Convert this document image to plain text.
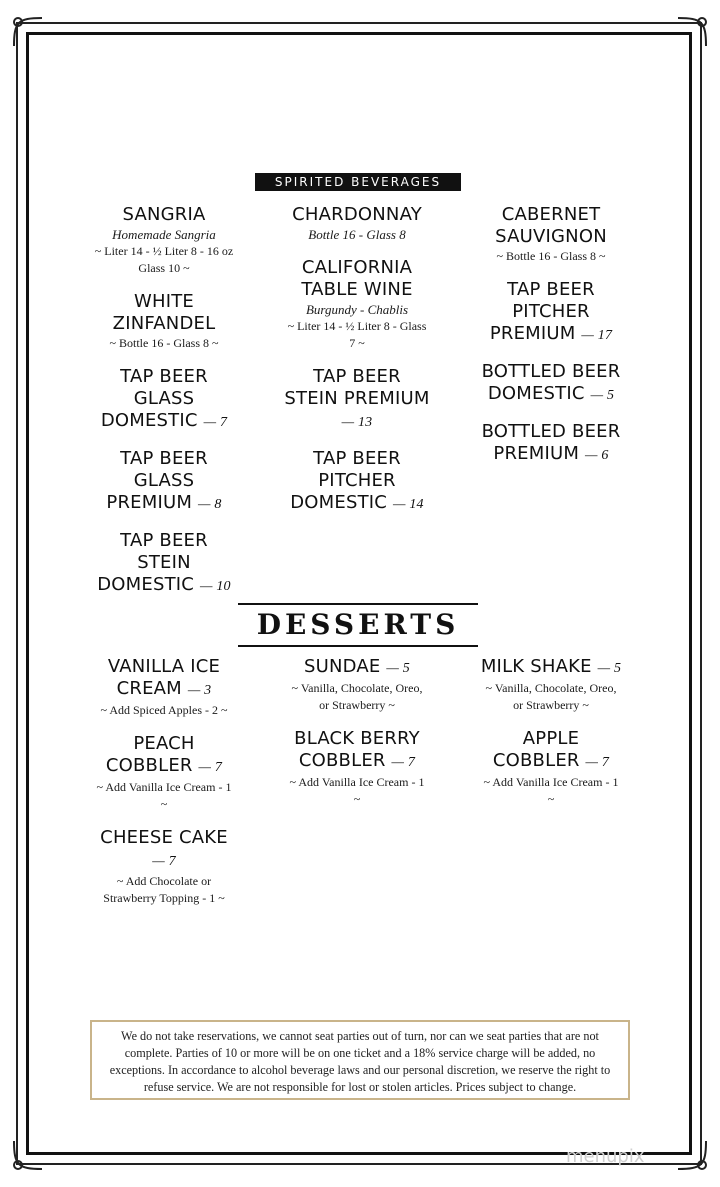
SPIRITED BEVERAGES
SANGRIA
Homemade Sangria
~ Liter 14 - ½ Liter 8 - 16 oz Glass 10 ~
WHITE ZINFANDEL
~ Bottle 16 - Glass 8 ~
TAP BEER GLASS DOMESTIC — 7
TAP BEER GLASS PREMIUM — 8
TAP BEER STEIN DOMESTIC — 10
CHARDONNAY
Bottle 16 - Glass 8
CALIFORNIA TABLE WINE
Burgundy - Chablis
~ Liter 14 - ½ Liter 8 - Glass 7 ~
TAP BEER STEIN PREMIUM — 13
TAP BEER PITCHER DOMESTIC — 14
CABERNET SAUVIGNON
~ Bottle 16 - Glass 8 ~
TAP BEER PITCHER PREMIUM — 17
BOTTLED BEER DOMESTIC — 5
BOTTLED BEER PREMIUM — 6
DESSERTS
VANILLA ICE CREAM — 3
~ Add Spiced Apples - 2 ~
PEACH COBBLER — 7
~ Add Vanilla Ice Cream - 1 ~
CHEESE CAKE — 7
~ Add Chocolate or Strawberry Topping - 1 ~
SUNDAE — 5
~ Vanilla, Chocolate, Oreo, or Strawberry ~
BLACK BERRY COBBLER — 7
~ Add Vanilla Ice Cream - 1 ~
MILK SHAKE — 5
~ Vanilla, Chocolate, Oreo, or Strawberry ~
APPLE COBBLER — 7
~ Add Vanilla Ice Cream - 1 ~
We do not take reservations, we cannot seat parties out of turn, nor can we seat parties that are not complete. Parties of 10 or more will be on one ticket and a 18% service charge will be added, no exceptions. In accordance to alcohol beverage laws and our personal discretion, we reserve the right to refuse service. We are not responsible for lost or stolen articles. Prices subject to change.
menupix
